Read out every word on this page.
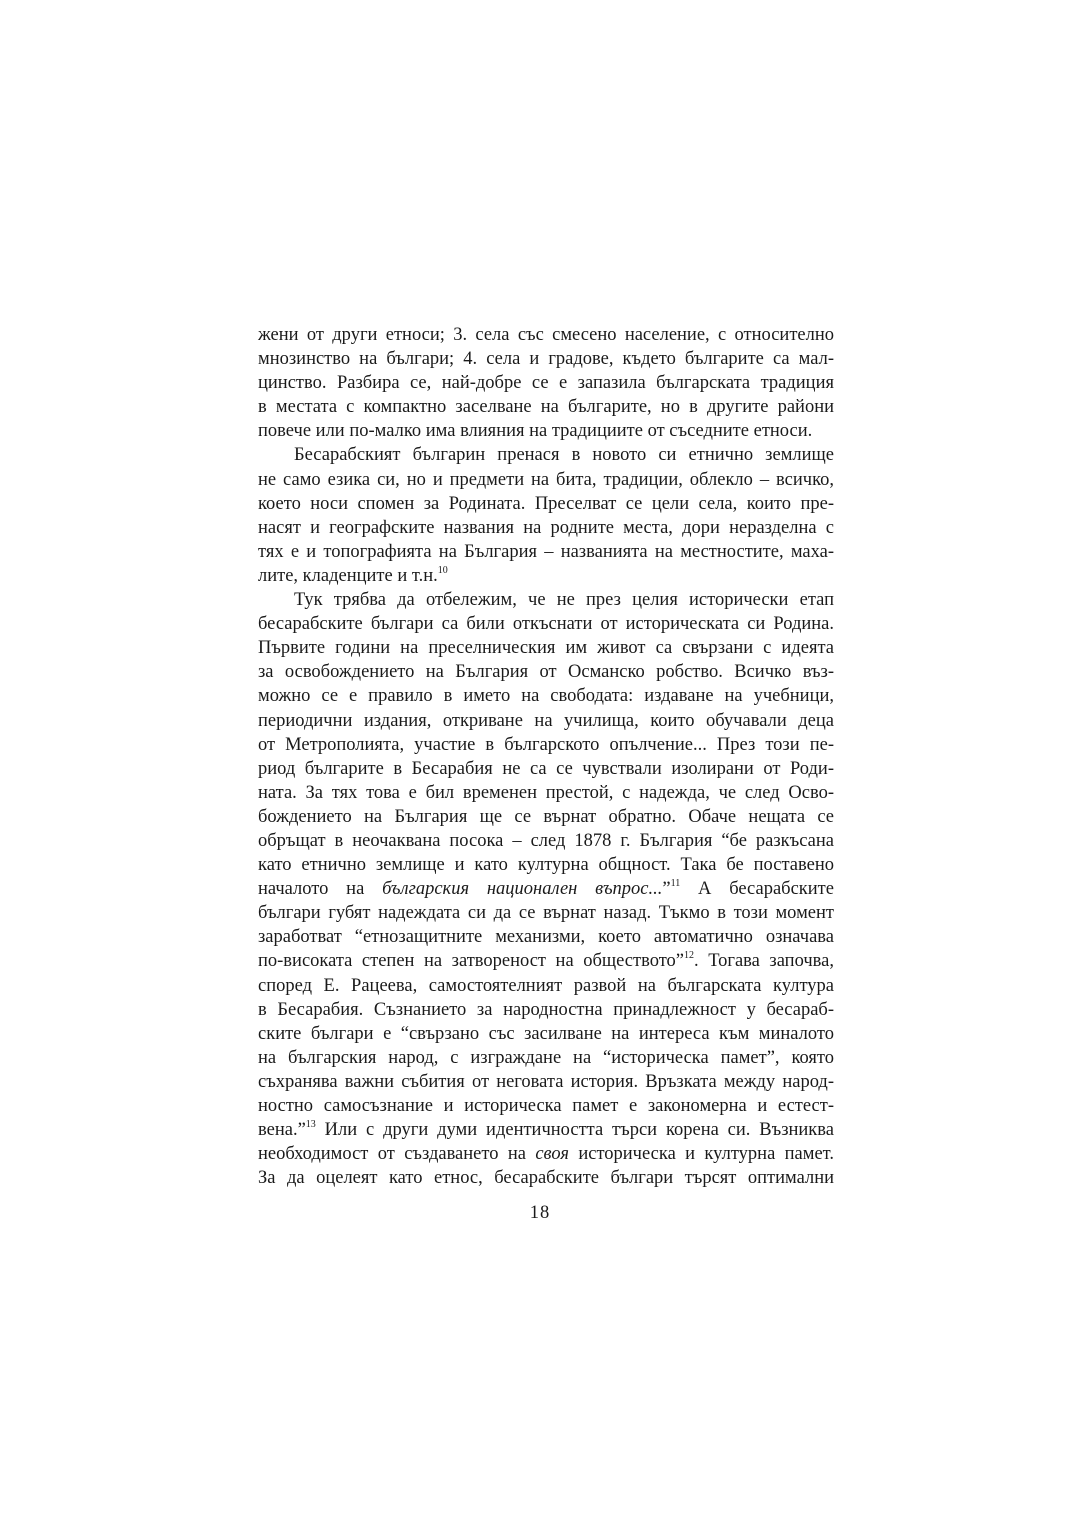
жени от други етноси; 3. села със смесено население, с относително
мнозинство на българи; 4. села и градове, където българите са мал-
цинство. Разбира се, най-добре се е запазила българската традиция
в местата с компактно заселване на българите, но в другите райони
повече или по-малко има влияния на традициите от съседните етноси.
Бесарабският българин пренася в новото си етнично землище
не само езика си, но и предмети на бита, традиции, облекло – всичко,
което носи спомен за Родината. Преселват се цели села, които пре-
насят и географските названия на родните места, дори неразделна с
тях е и топографията на България – названията на местностите, маха-
лите, кладенците и т.н.$^{10}$
Тук трябва да отбележим, че не през целия исторически етап
бесарабските българи са били откъснати от историческата си Родина.
Първите години на преселническия им живот са свързани с идеята
за освобождението на България от Османско робство. Всичко въз-
можно се е правило в името на свободата: издаване на учебници,
периодични издания, откриване на училища, които обучавали деца
от Метрополията, участие в българското опълчение... През този пе-
риод българите в Бесарабия не са се чувствали изолирани от Роди-
ната. За тях това е бил временен престой, с надежда, че след Осво-
бождението на България ще се върнат обратно. Обаче нещата се
обръщат в неочаквана посока – след 1878 г. България “бе разкъсана
като етнично землище и като културна общност. Така бе поставено
началото на българския национален въпрос...”$^{11}$ А бесарабските
българи губят надеждата си да се върнат назад. Тъкмо в този момент
заработват “етнозащитните механизми, което автоматично означава
по-високата степен на затвореност на обществото”$^{12}$. Тогава започва,
според Е. Рацеева, самостоятелният развой на българската култура
в Бесарабия. Съзнанието за народностна принадлежност у бесараб-
ските българи е “свързано със засилване на интереса към миналото
на българския народ, с изграждане на “историческа памет”, която
съхранява важни събития от неговата история. Връзката между народ-
ностно самосъзнание и историческа памет е закономерна и естест-
вена.”$^{13}$ Или с други думи идентичността търси корена си. Възниква
необходимост от създаването на своя историческа и културна памет.
За да оцелеят като етнос, бесарабските българи търсят оптимални
18
